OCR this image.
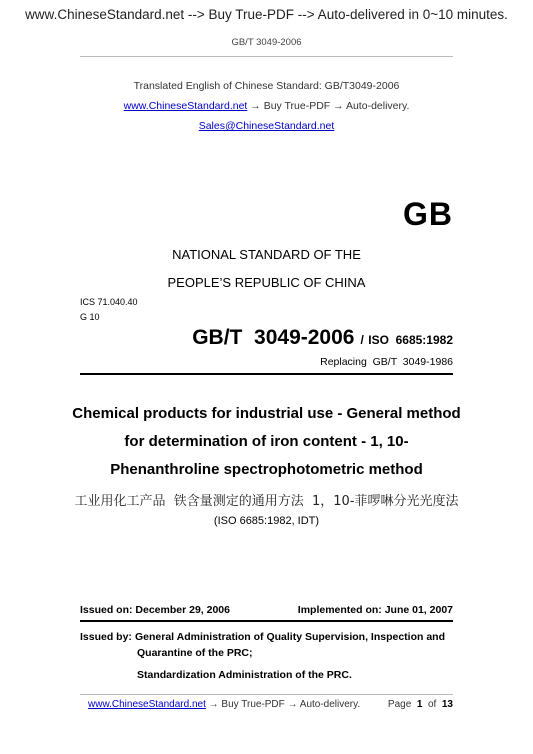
www.ChineseStandard.net --> Buy True-PDF --> Auto-delivered in 0~10 minutes.
GB/T 3049-2006
Translated English of Chinese Standard: GB/T3049-2006
www.ChineseStandard.net → Buy True-PDF → Auto-delivery.
Sales@ChineseStandard.net
GB
NATIONAL STANDARD OF THE
PEOPLE’S REPUBLIC OF CHINA
ICS 71.040.40
G 10
GB/T  3049-2006 / ISO  6685:1982
Replacing  GB/T  3049-1986
Chemical products for industrial use - General method
for determination of iron content - 1, 10-
Phenanthroline spectrophotometric method
工业用化工产品  铁含量测定的通用方法  1，10-菲啰啉分光光度法
(ISO 6685:1982, IDT)
Issued on: December 29, 2006	Implemented on: June 01, 2007
Issued by: General Administration of Quality Supervision, Inspection and
Quarantine of the PRC;
Standardization Administration of the PRC.
www.ChineseStandard.net → Buy True-PDF → Auto-delivery.	Page 1 of 13
